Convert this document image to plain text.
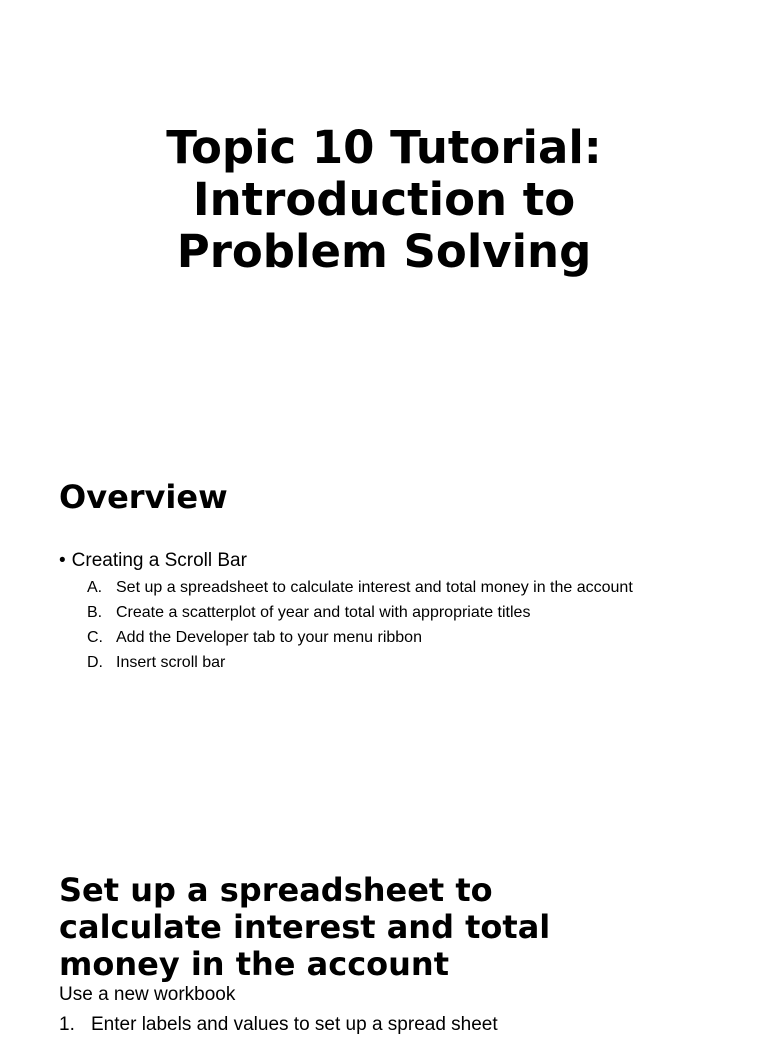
Topic 10 Tutorial:
Introduction to
Problem Solving
Overview

• Creating a Scroll Bar

A. Set up a spreadsheet to calculate interest and total money in the account
B. Create a scatterplot of year and total with appropriate titles
C. Add the Developer tab to your menu ribbon
D. Insert scroll bar
Set up a spreadsheet to
calculate interest and total
money in the account

Use a new workbook

1. Enter labels and values to set up a spread sheet
